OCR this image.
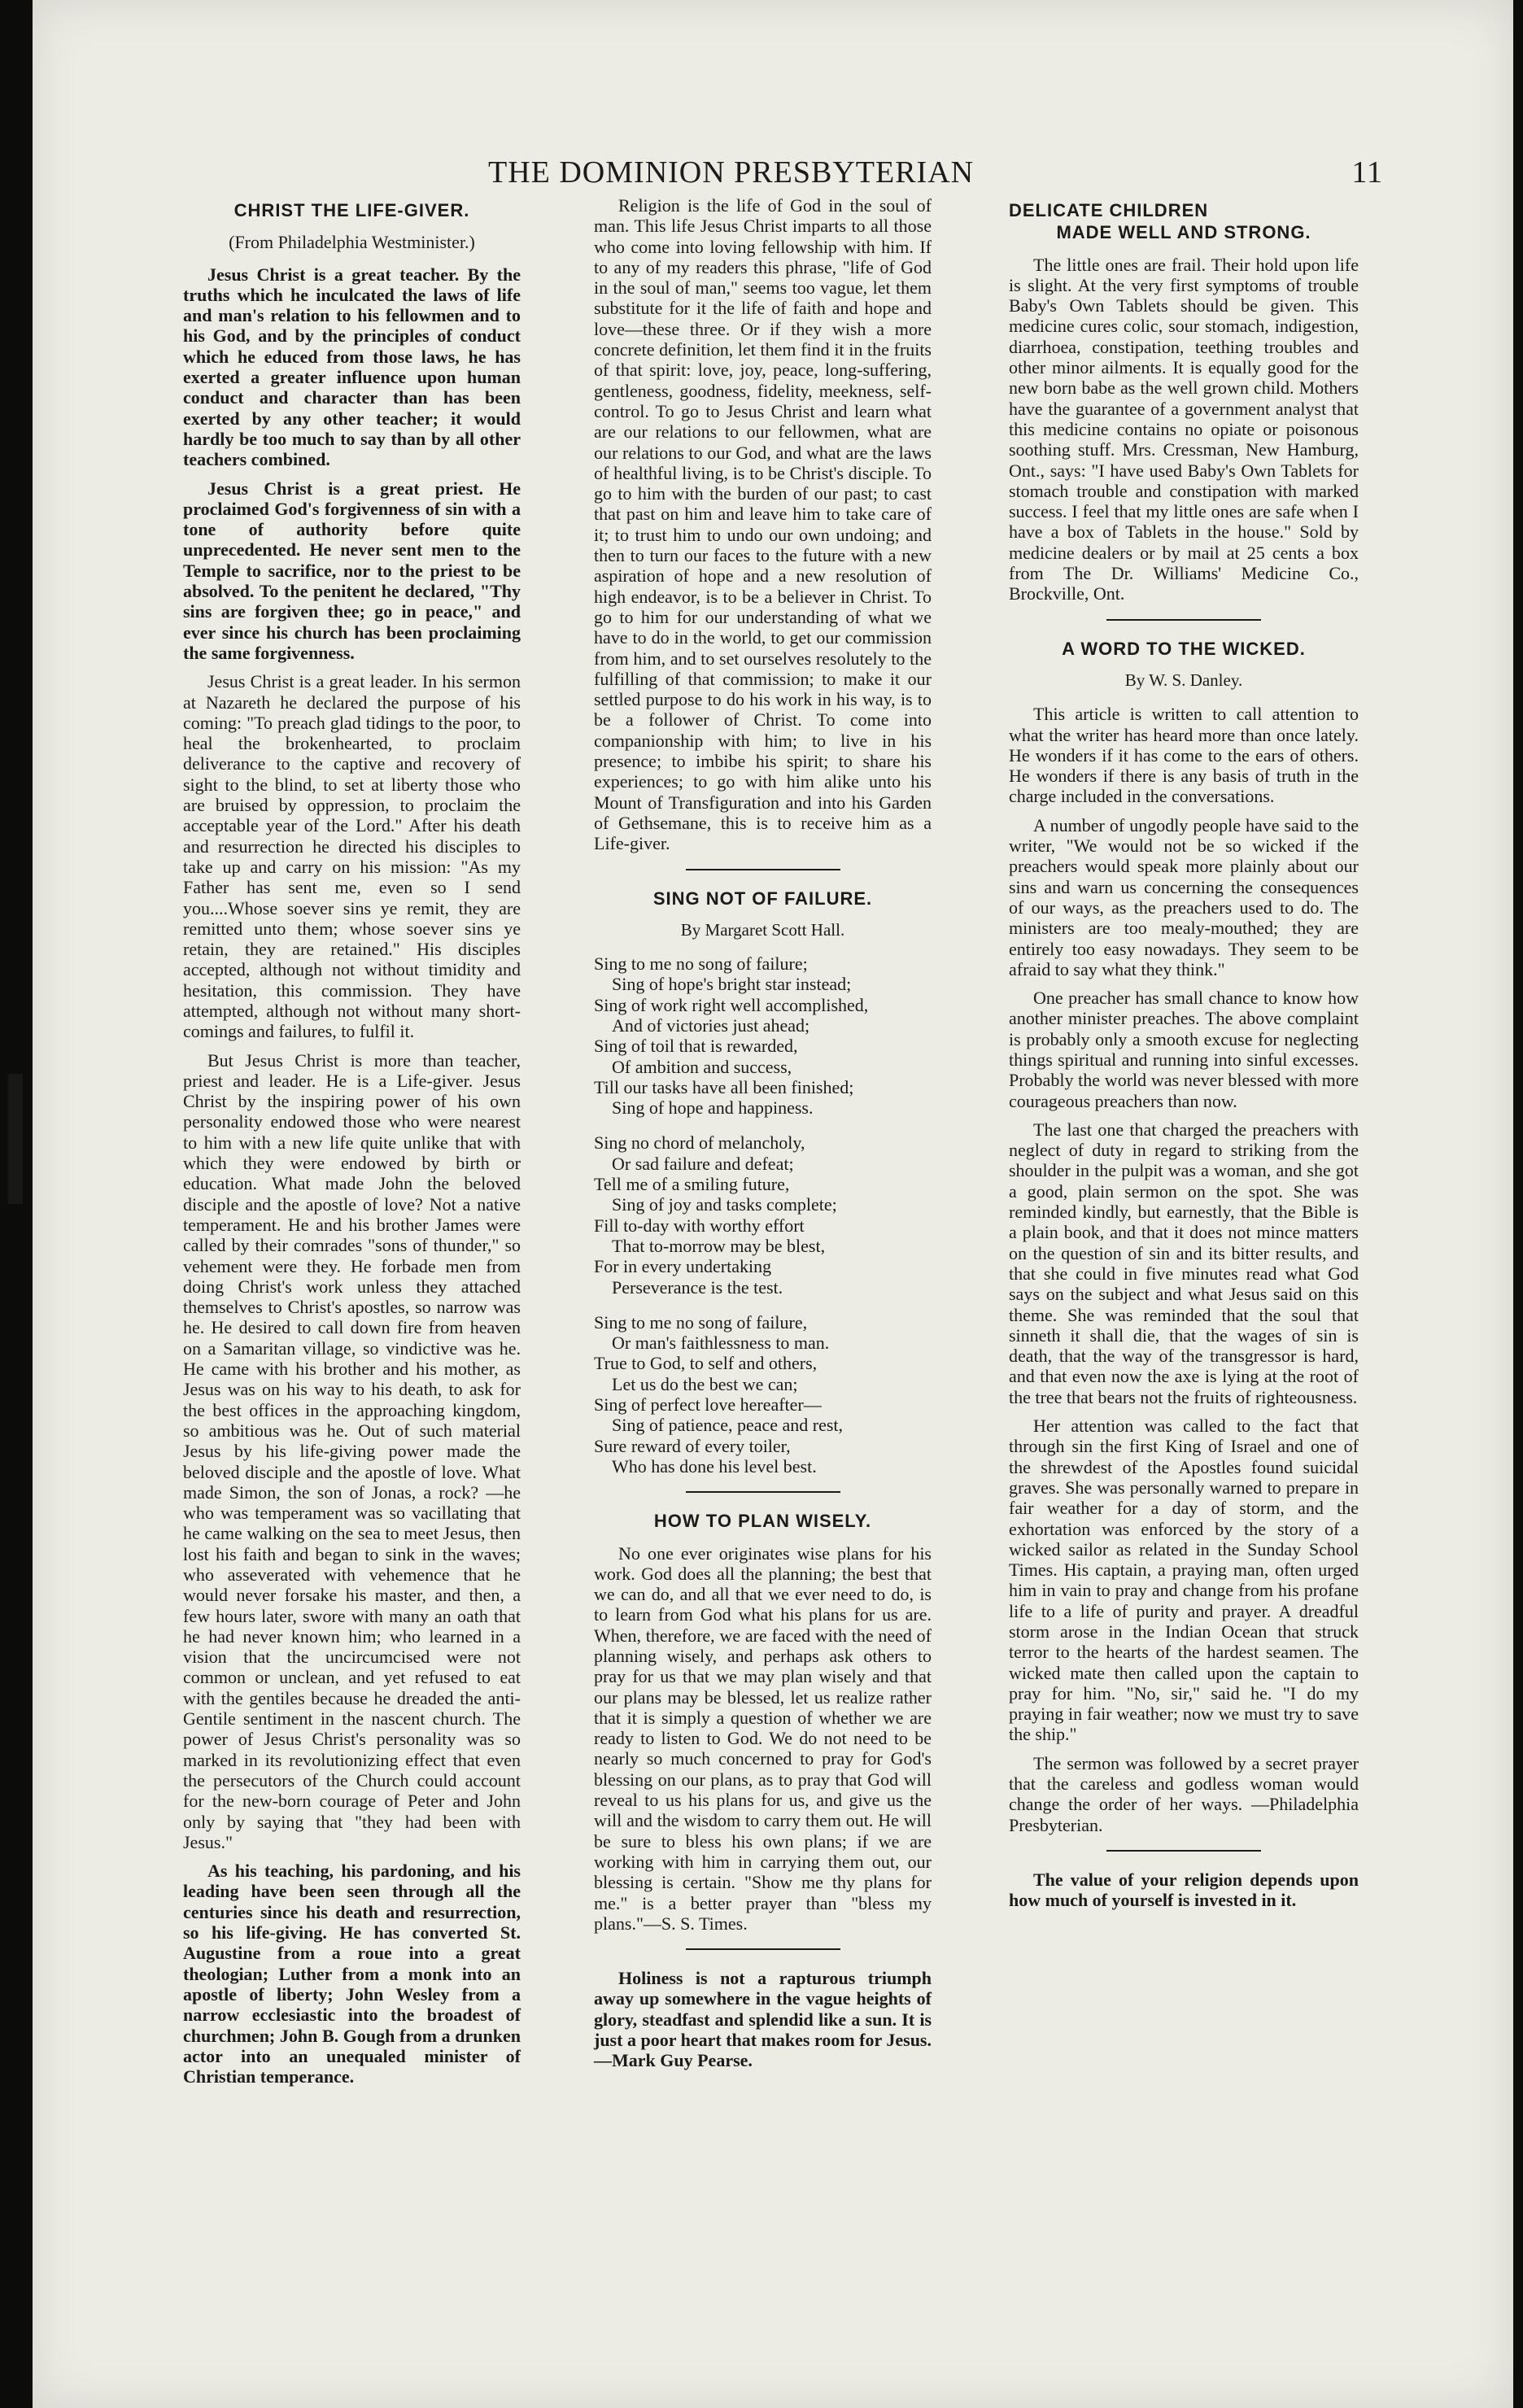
THE DOMINION PRESBYTERIAN	11
CHRIST THE LIFE-GIVER.
(From Philadelphia Westminister.)

Jesus Christ is a great teacher. By the truths which he inculcated the laws of life and man's relation to his fellowmen and to his God, and by the principles of conduct which he educed from those laws, he has exerted a greater influence upon human conduct and character than has been exerted by any other teacher; it would hardly be too much to say than by all other teachers combined.

Jesus Christ is a great priest. He proclaimed God's forgivenness of sin with a tone of authority before quite unprecedented. He never sent men to the Temple to sacrifice, nor to the priest to be absolved. To the penitent he declared, "Thy sins are forgiven thee; go in peace," and ever since his church has been proclaiming the same forgivenness.

Jesus Christ is a great leader. In his sermon at Nazareth he declared the purpose of his coming: "To preach glad tidings to the poor, to heal the brokenhearted, to proclaim deliverance to the captive and recovery of sight to the blind, to set at liberty those who are bruised by oppression, to proclaim the acceptable year of the Lord." After his death and resurrection he directed his disciples to take up and carry on his mission: "As my Father has sent me, even so I send you....Whose soever sins ye remit, they are remitted unto them; whose soever sins ye retain, they are retained." His disciples accepted, although not without timidity and hesitation, this commission. They have attempted, although not without many short-comings and failures, to fulfil it.

But Jesus Christ is more than teacher, priest and leader. He is a Life-giver. Jesus Christ by the inspiring power of his own personality endowed those who were nearest to him with a new life quite unlike that with which they were endowed by birth or education. What made John the beloved disciple and the apostle of love? Not a native temperament. He and his brother James were called by their comrades "sons of thunder," so vehement were they. He forbade men from doing Christ's work unless they attached themselves to Christ's apostles, so narrow was he. He desired to call down fire from heaven on a Samaritan village, so vindictive was he. He came with his brother and his mother, as Jesus was on his way to his death, to ask for the best offices in the approaching kingdom, so ambitious was he. Out of such material Jesus by his life-giving power made the beloved disciple and the apostle of love. What made Simon, the son of Jonas, a rock? —he who was temperament was so vacillating that he came walking on the sea to meet Jesus, then lost his faith and began to sink in the waves; who asseverated with vehemence that he would never forsake his master, and then, a few hours later, swore with many an oath that he had never known him; who learned in a vision that the uncircumcised were not common or unclean, and yet refused to eat with the gentiles because he dreaded the anti-Gentile sentiment in the nascent church. The power of Jesus Christ's personality was so marked in its revolutionizing effect that even the persecutors of the Church could account for the new-born courage of Peter and John only by saying that "they had been with Jesus."

As his teaching, his pardoning, and his leading have been seen through all the centuries since his death and resurrection, so his life-giving. He has converted St. Augustine from a roue into a great theologian; Luther from a monk into an apostle of liberty; John Wesley from a narrow ecclesiastic into the broadest of churchmen; John B. Gough from a drunken actor into an unequaled minister of Christian temperance.

Religion is the life of God in the soul of man. This life Jesus Christ imparts to all those who come into loving fellowship with him. If to any of my readers this phrase, "life of God in the soul of man," seems too vague, let them substitute for it the life of faith and hope and love—these three. Or if they wish a more concrete definition, let them find it in the fruits of that spirit: love, joy, peace, long-suffering, gentleness, goodness, fidelity, meekness, self-control. To go to Jesus Christ and learn what are our relations to our fellowmen, what are our relations to our God, and what are the laws of healthful living, is to be Christ's disciple. To go to him with the burden of our past; to cast that past on him and leave him to take care of it; to trust him to undo our own undoing; and then to turn our faces to the future with a new aspiration of hope and a new resolution of high endeavor, is to be a believer in Christ. To go to him for our understanding of what we have to do in the world, to get our commission from him, and to set ourselves resolutely to the fulfilling of that commission; to make it our settled purpose to do his work in his way, is to be a follower of Christ. To come into companionship with him; to live in his presence; to imbibe his spirit; to share his experiences; to go with him alike unto his Mount of Transfiguration and into his Garden of Gethsemane, this is to receive him as a Life-giver.

SING NOT OF FAILURE.
By Margaret Scott Hall.
Sing to me no song of failure;
Sing of hope's bright star instead;
Sing of work right well accomplished,
And of victories just ahead;
Sing of toil that is rewarded,
Of ambition and success,
Till our tasks have all been finished;
Sing of hope and happiness.
Sing no chord of melancholy,
Or sad failure and defeat;
Tell me of a smiling future,
Sing of joy and tasks complete;
Fill to-day with worthy effort
That to-morrow may be blest,
For in every undertaking
Perseverance is the test.
Sing to me no song of failure,
Or man's faithlessness to man.
True to God, to self and others,
Let us do the best we can;
Sing of perfect love hereafter—
Sing of patience, peace and rest,
Sure reward of every toiler,
Who has done his level best.
HOW TO PLAN WISELY.

No one ever originates wise plans for his work. God does all the planning; the best that we can do, and all that we ever need to do, is to learn from God what his plans for us are. When, therefore, we are faced with the need of planning wisely, and perhaps ask others to pray for us that we may plan wisely and that our plans may be blessed, let us realize rather that it is simply a question of whether we are ready to listen to God. We do not need to be nearly so much concerned to pray for God's blessing on our plans, as to pray that God will reveal to us his plans for us, and give us the will and the wisdom to carry them out. He will be sure to bless his own plans; if we are working with him in carrying them out, our blessing is certain. "Show me thy plans for me." is a better prayer than "bless my plans."—S. S. Times.

Holiness is not a rapturous triumph away up somewhere in the vague heights of glory, steadfast and splendid like a sun. It is just a poor heart that makes room for Jesus.—Mark Guy Pearse.

DELICATE CHILDREN
MADE WELL AND STRONG.

The little ones are frail. Their hold upon life is slight. At the very first symptoms of trouble Baby's Own Tablets should be given. This medicine cures colic, sour stomach, indigestion, diarrhoea, constipation, teething troubles and other minor ailments. It is equally good for the new born babe as the well grown child. Mothers have the guarantee of a government analyst that this medicine contains no opiate or poisonous soothing stuff. Mrs. Cressman, New Hamburg, Ont., says: "I have used Baby's Own Tablets for stomach trouble and constipation with marked success. I feel that my little ones are safe when I have a box of Tablets in the house." Sold by medicine dealers or by mail at 25 cents a box from The Dr. Williams' Medicine Co., Brockville, Ont.

A WORD TO THE WICKED.
By W. S. Danley.

This article is written to call attention to what the writer has heard more than once lately. He wonders if it has come to the ears of others. He wonders if there is any basis of truth in the charge included in the conversations.

A number of ungodly people have said to the writer, "We would not be so wicked if the preachers would speak more plainly about our sins and warn us concerning the consequences of our ways, as the preachers used to do. The ministers are too mealy-mouthed; they are entirely too easy nowadays. They seem to be afraid to say what they think."

One preacher has small chance to know how another minister preaches. The above complaint is probably only a smooth excuse for neglecting things spiritual and running into sinful excesses. Probably the world was never blessed with more courageous preachers than now.

The last one that charged the preachers with neglect of duty in regard to striking from the shoulder in the pulpit was a woman, and she got a good, plain sermon on the spot. She was reminded kindly, but earnestly, that the Bible is a plain book, and that it does not mince matters on the question of sin and its bitter results, and that she could in five minutes read what God says on the subject and what Jesus said on this theme. She was reminded that the soul that sinneth it shall die, that the wages of sin is death, that the way of the transgressor is hard, and that even now the axe is lying at the root of the tree that bears not the fruits of righteousness.

Her attention was called to the fact that through sin the first King of Israel and one of the shrewdest of the Apostles found suicidal graves. She was personally warned to prepare in fair weather for a day of storm, and the exhortation was enforced by the story of a wicked sailor as related in the Sunday School Times. His captain, a praying man, often urged him in vain to pray and change from his profane life to a life of purity and prayer. A dreadful storm arose in the Indian Ocean that struck terror to the hearts of the hardest seamen. The wicked mate then called upon the captain to pray for him. "No, sir," said he. "I do my praying in fair weather; now we must try to save the ship."

The sermon was followed by a secret prayer that the careless and godless woman would change the order of her ways. —Philadelphia Presbyterian.

The value of your religion depends upon how much of yourself is invested in it.
